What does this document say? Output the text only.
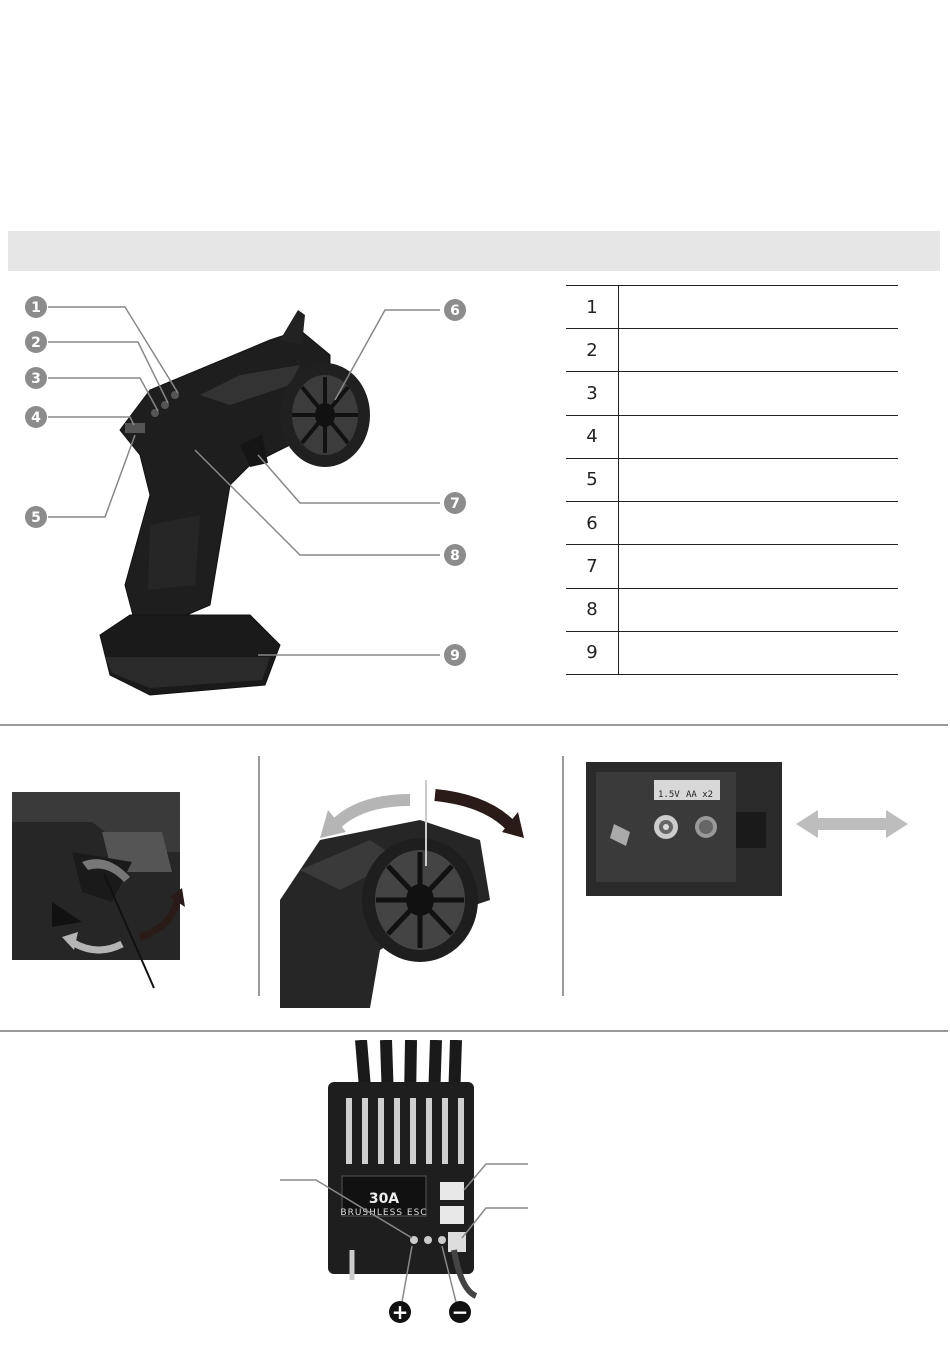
1
2
3
4
5
6
7
8
9
1	
2	
3	
4	
5	
6	
7	
8	
9	
1.5V AA x2
30A
BRUSHLESS ESC
+ −
